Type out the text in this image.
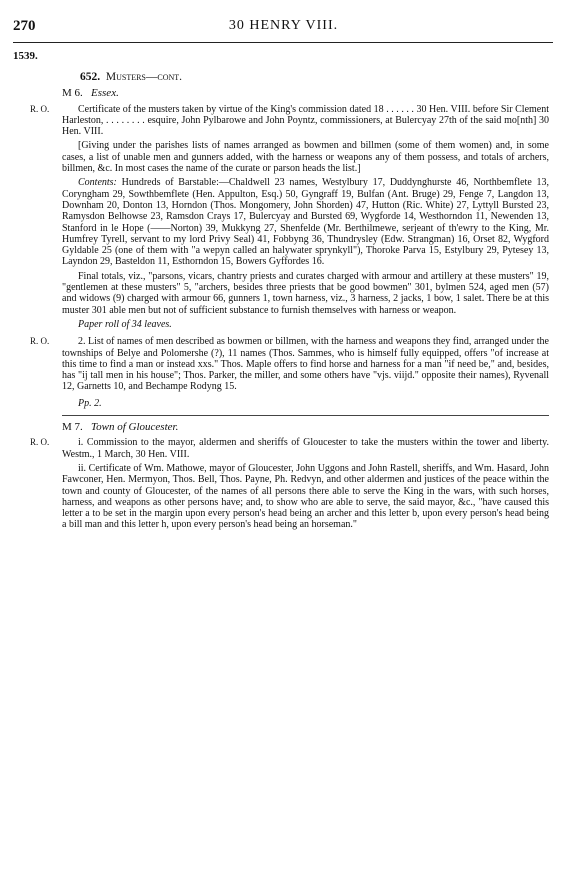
270	30 HENRY VIII.
1539.
652. Musters—cont.
M 6. Essex.

R. O.	Certificate of the musters taken by virtue of the King's commission dated 18 . . . . . . 30 Hen. VIII. before Sir Clement Harleston, . . . . . . . . esquire, John Pylbarowe and John Poyntz, commissioners, at Bulercyay 27th of the said mo[nth] 30 Hen. VIII.

[Giving under the parishes lists of names arranged as bowmen and billmen (some of them women) and, in some cases, a list of unable men and gunners added, with the harness or weapons any of them possess, and totals of archers, billmen, &c. In most cases the name of the curate or parson heads the list.]

Contents: Hundreds of Barstable:—Chaldwell 23 names, Westylbury 17, Duddynghurste 46, Northbemflete 13, Coryngham 29, Sowthbemflete (Hen. Appulton, Esq.) 50, Gyngraff 19, Bulfan (Ant. Bruge) 29, Fenge 7, Langdon 13, Downham 20, Donton 13, Horndon (Thos. Mongomery, John Shorden) 47, Hutton (Ric. White) 27, Lyttyll Bursted 23, Ramysdon Belhowse 23, Ramsdon Crays 17, Bulercyay and Bursted 69, Wygforde 14, Westhorndon 11, Newenden 13, Stanford in le Hope (——Norton) 39, Mukkyng 27, Shenfelde (Mr. Berthilmewe, serjeant of th'ewry to the King, Mr. Humfrey Tyrell, servant to my lord Privy Seal) 41, Fobbyng 36, Thundrysley (Edw. Strangman) 16, Orset 82, Wygford Gyldable 25 (one of them with "a wepyn called an halywater sprynkyll"), Thoroke Parva 15, Estylbury 29, Pytesey 13, Layndon 29, Basteldon 11, Esthorndon 15, Bowers Gyffordes 16.

Final totals, viz., "parsons, vicars, chantry priests and curates charged with armour and artillery at these musters" 19, "gentlemen at these musters" 5, "archers, besides three priests that be good bowmen" 301, bylmen 524, aged men (57) and widows (9) charged with armour 66, gunners 1, town harness, viz., 3 harness, 2 jacks, 1 bow, 1 salet. There be at this muster 301 able men but not of sufficient substance to furnish themselves with harness or weapon.

Paper roll of 34 leaves.

R. O.	2. List of names of men described as bowmen or billmen, with the harness and weapons they find, arranged under the townships of Belye and Polomershe (?), 11 names (Thos. Sammes, who is himself fully equipped, offers "of increase at this time to find a man or instead xxs." Thos. Maple offers to find horse and harness for a man "if need be," and, besides, has "ij tall men in his house"; Thos. Parker, the miller, and some others have "vjs. viijd." opposite their names), Ryvenall 12, Garnetts 10, and Bechampe Rodyng 15.

Pp. 2.
M 7. Town of Gloucester.

R. O.	i. Commission to the mayor, aldermen and sheriffs of Gloucester to take the musters within the tower and liberty. Westm., 1 March, 30 Hen. VIII.

ii. Certificate of Wm. Mathowe, mayor of Gloucester, John Uggons and John Rastell, sheriffs, and Wm. Hasard, John Fawconer, Hen. Mermyon, Thos. Bell, Thos. Payne, Ph. Redvyn, and other aldermen and justices of the peace within the town and county of Gloucester, of the names of all persons there able to serve the King in the wars, with such horses, harness, and weapons as other persons have; and, to show who are able to serve, the said mayor, &c., "have caused this letter a to be set in the margin upon every person's head being an archer and this letter b, upon every person's head being a bill man and this letter h, upon every person's head being an horseman."
